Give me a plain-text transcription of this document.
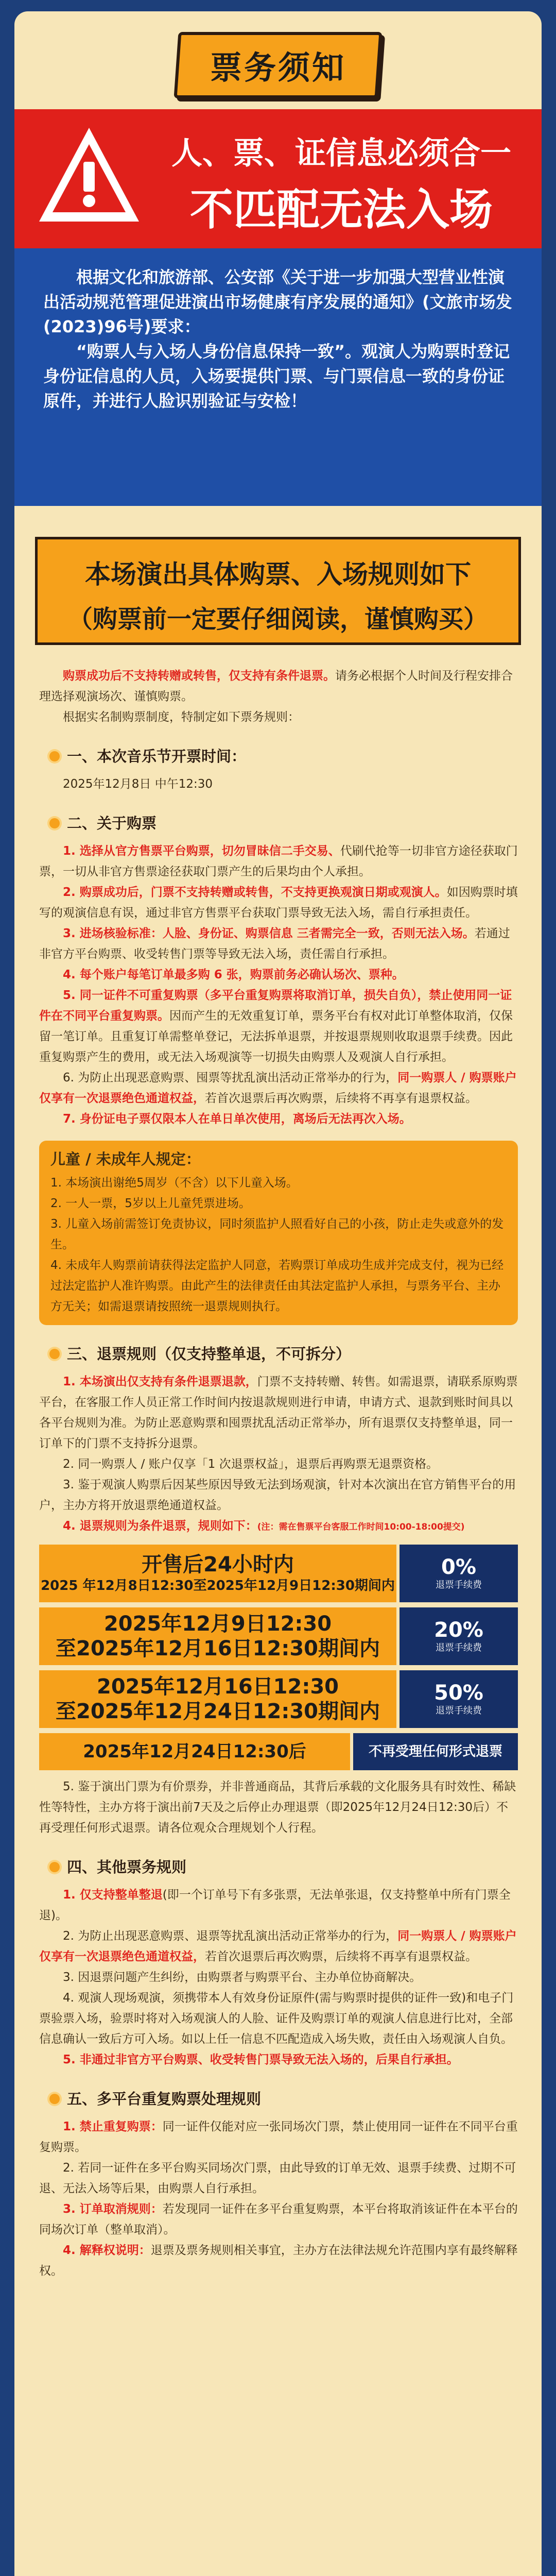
票务须知
人、票、证信息必须合一
不匹配无法入场

根据文化和旅游部、公安部《关于进一步加强大型营业性演出活动规范管理促进演出市场健康有序发展的通知》(文旅市场发(2023)96号)要求：

“购票人与入场人身份信息保持一致”。观演人为购票时登记身份证信息的人员，入场要提供门票、与门票信息一致的身份证原件，并进行人脸识别验证与安检！

本场演出具体购票、入场规则如下
（购票前一定要仔细阅读，谨慎购买）

购票成功后不支持转赠或转售，仅支持有条件退票。请务必根据个人时间及行程安排合理选择观演场次、谨慎购票。

根据实名制购票制度，特制定如下票务规则：

一、本次音乐节开票时间：

2025年12月8日 中午12:30

二、关于购票

1. 选择从官方售票平台购票，切勿冒昧信二手交易、代刷代抢等一切非官方途径获取门票，一切从非官方售票途径获取门票产生的后果均由个人承担。

2. 购票成功后，门票不支持转赠或转售，不支持更换观演日期或观演人。如因购票时填写的观演信息有误，通过非官方售票平台获取门票导致无法入场，需自行承担责任。

3. 进场核验标准：人脸、身份证、购票信息 三者需完全一致，否则无法入场。若通过非官方平台购票、收受转售门票等导致无法入场，责任需自行承担。

4. 每个账户每笔订单最多购 6 张，购票前务必确认场次、票种。

5. 同一证件不可重复购票（多平台重复购票将取消订单，损失自负），禁止使用同一证件在不同平台重复购票。因而产生的无效重复订单，票务平台有权对此订单整体取消，仅保留一笔订单。且重复订单需整单登记，无法拆单退票，并按退票规则收取退票手续费。因此重复购票产生的费用，或无法入场观演等一切损失由购票人及观演人自行承担。

6. 为防止出现恶意购票、囤票等扰乱演出活动正常举办的行为，同一购票人 / 购票账户仅享有一次退票绝色通道权益，若首次退票后再次购票，后续将不再享有退票权益。

7. 身份证电子票仅限本人在单日单次使用，离场后无法再次入场。

儿童 / 未成年人规定：

1. 本场演出谢绝5周岁（不含）以下儿童入场。

2. 一人一票，5岁以上儿童凭票进场。

3. 儿童入场前需签订免责协议，同时须监护人照看好自己的小孩，防止走失或意外的发生。

4. 未成年人购票前请获得法定监护人同意，若购票订单成功生成并完成支付，视为已经过法定监护人准许购票。由此产生的法律责任由其法定监护人承担，与票务平台、主办方无关；如需退票请按照统一退票规则执行。

三、退票规则（仅支持整单退，不可拆分）

1. 本场演出仅支持有条件退票退款，门票不支持转赠、转售。如需退票，请联系原购票平台，在客服工作人员正常工作时间内按退款规则进行申请，申请方式、退款到账时间具以各平台规则为准。为防止恶意购票和囤票扰乱活动正常举办，所有退票仅支持整单退，同一订单下的门票不支持拆分退票。

2. 同一购票人 / 账户仅享「1 次退票权益」，退票后再购票无退票资格。

3. 鉴于观演人购票后因某些原因导致无法到场观演，针对本次演出在官方销售平台的用户，主办方将开放退票绝通道权益。

4. 退票规则为条件退票，规则如下：(注：需在售票平台客服工作时间10:00-18:00提交)

开售后24小时内
2025 年12月8日12:30至2025年12月9日12:30期间内
0%
退票手续费
2025年12月9日12:30
至2025年12月16日12:30期间内
20%
退票手续费
2025年12月16日12:30
至2025年12月24日12:30期间内
50%
退票手续费
2025年12月24日12:30后	不再受理任何形式退票

5. 鉴于演出门票为有价票券，并非普通商品，其背后承载的文化服务具有时效性、稀缺性等特性，主办方将于演出前7天及之后停止办理退票（即2025年12月24日12:30后）不再受理任何形式退票。请各位观众合理规划个人行程。

四、其他票务规则

1. 仅支持整单整退(即一个订单号下有多张票，无法单张退，仅支持整单中所有门票全退)。

2. 为防止出现恶意购票、退票等扰乱演出活动正常举办的行为，同一购票人 / 购票账户仅享有一次退票绝色通道权益，若首次退票后再次购票，后续将不再享有退票权益。

3. 因退票问题产生纠纷，由购票者与购票平台、主办单位协商解决。

4. 观演人现场观演，须携带本人有效身份证原件(需与购票时提供的证件一致)和电子门票验票入场，验票时将对入场观演人的人脸、证件及购票订单的观演人信息进行比对，全部信息确认一致后方可入场。如以上任一信息不匹配造成入场失败，责任由入场观演人自负。

5. 非通过非官方平台购票、收受转售门票导致无法入场的，后果自行承担。

五、多平台重复购票处理规则

1. 禁止重复购票：同一证件仅能对应一张同场次门票，禁止使用同一证件在不同平台重复购票。

2. 若同一证件在多平台购买同场次门票，由此导致的订单无效、退票手续费、过期不可退、无法入场等后果，由购票人自行承担。

3. 订单取消规则：若发现同一证件在多平台重复购票，本平台将取消该证件在本平台的同场次订单（整单取消）。

4. 解释权说明：退票及票务规则相关事宜，主办方在法律法规允许范围内享有最终解释权。
